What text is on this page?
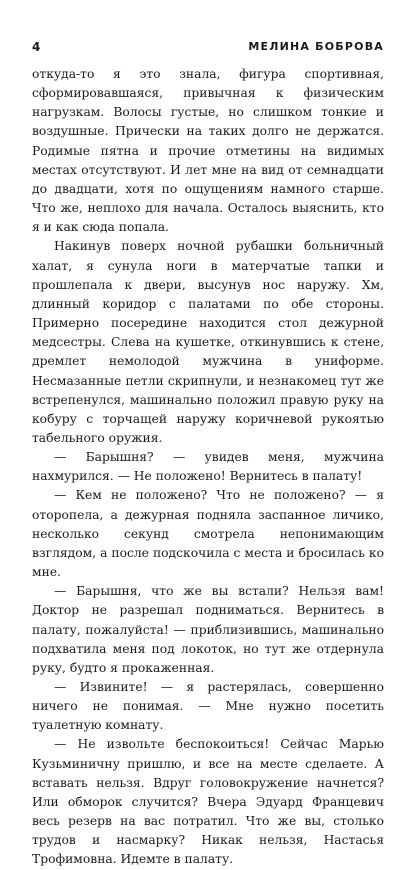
4	МЕЛИНА БОБРОВА

откуда-то я это знала, фигура спортивная, сформировавшаяся, привычная к физическим нагрузкам. Волосы густые, но слишком тонкие и воздушные. Прически на таких долго не держатся. Родимые пятна и прочие отметины на видимых местах отсутствуют. И лет мне на вид от семнадцати до двадцати, хотя по ощущениям намного старше. Что же, неплохо для начала. Осталось выяснить, кто я и как сюда попала.

Накинув поверх ночной рубашки больничный халат, я сунула ноги в матерчатые тапки и прошлепала к двери, высунув нос наружу. Хм, длинный коридор с палатами по обе стороны. Примерно посередине находится стол дежурной медсестры. Слева на кушетке, откинувшись к стене, дремлет немолодой мужчина в униформе. Несмазанные петли скрипнули, и незнакомец тут же встрепенулся, машинально положил правую руку на кобуру с торчащей наружу коричневой рукоятью табельного оружия.

— Барышня? — увидев меня, мужчина нахмурился. — Не положено! Вернитесь в палату!

— Кем не положено? Что не положено? — я оторопела, а дежурная подняла заспанное личико, несколько секунд смотрела непонимающим взглядом, а после подскочила с места и бросилась ко мне.

— Барышня, что же вы встали? Нельзя вам! Доктор не разрешал подниматься. Вернитесь в палату, пожалуйста! — приблизившись, машинально подхватила меня под локоток, но тут же отдернула руку, будто я прокаженная.

— Извините! — я растерялась, совершенно ничего не понимая. — Мне нужно посетить туалетную комнату.

— Не извольте беспокоиться! Сейчас Марью Кузьминичну пришлю, и все на месте сделаете. А вставать нельзя. Вдруг головокружение начнется? Или обморок случится? Вчера Эдуард Францевич весь резерв на вас потратил. Что же вы, столько трудов и насмарку? Никак нельзя, Настасья Трофимовна. Идемте в палату.
